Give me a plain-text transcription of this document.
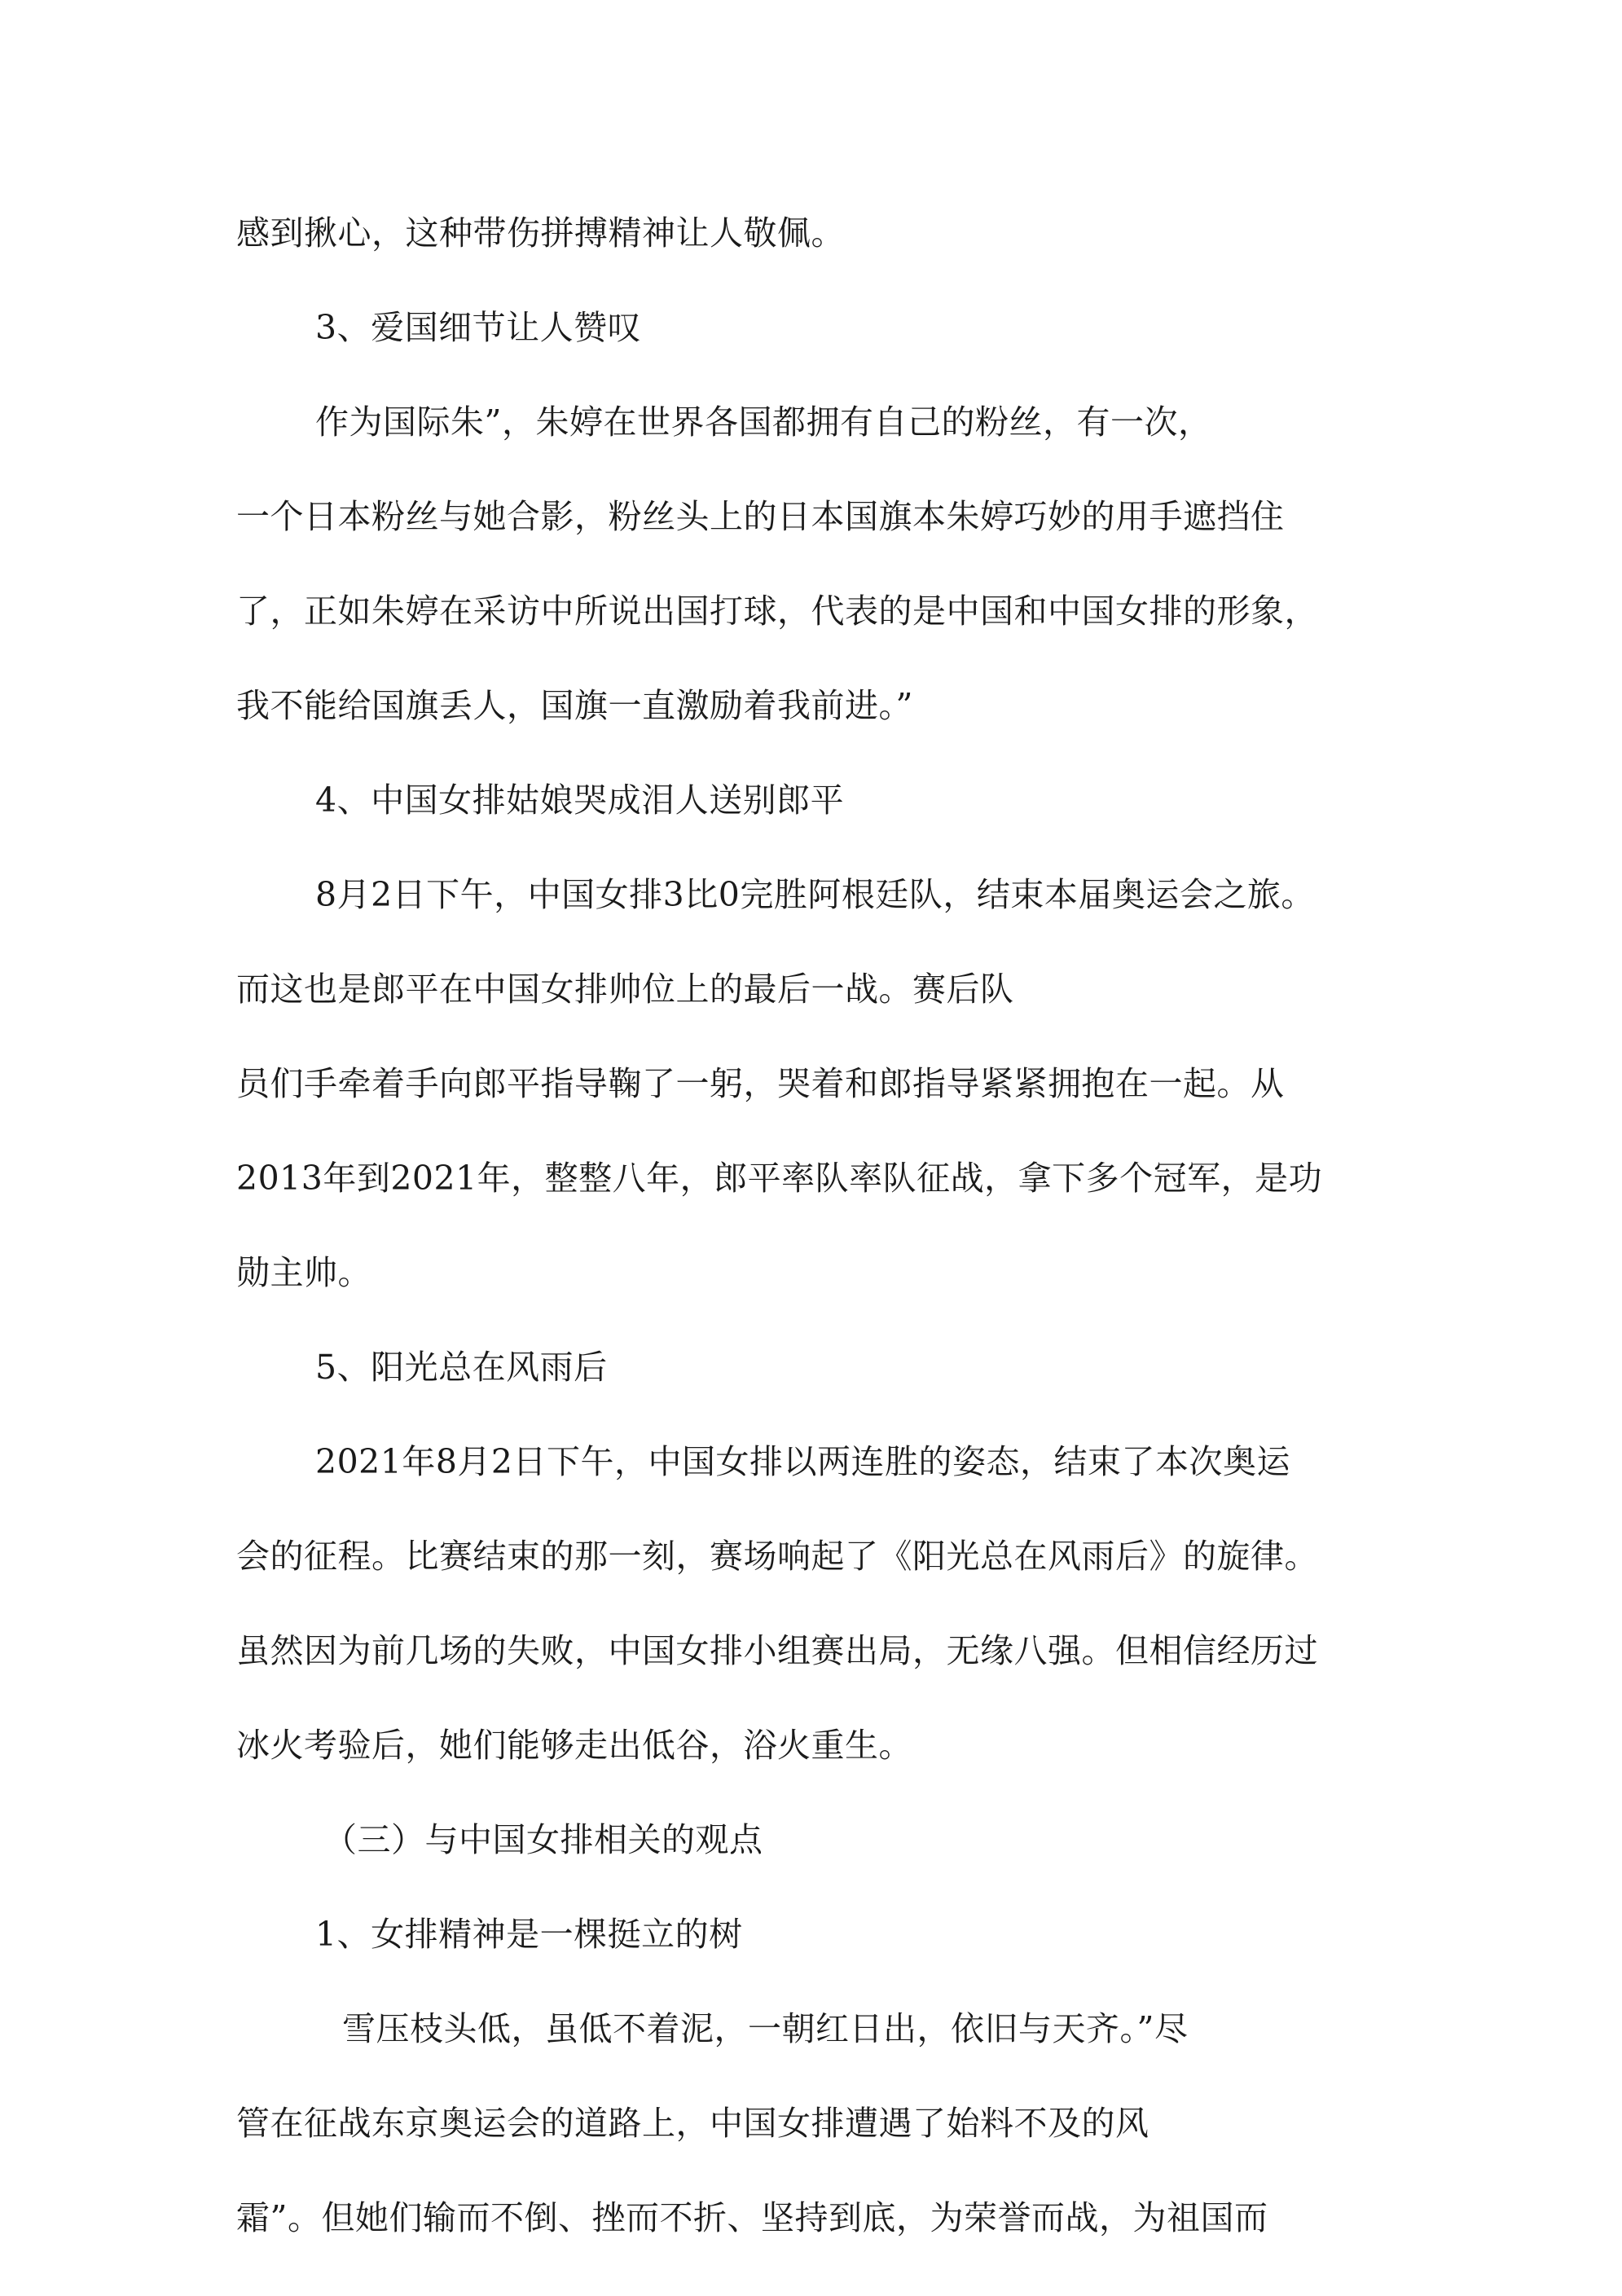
感到揪心，这种带伤拼搏精神让人敬佩。
3、爱国细节让人赞叹
作为国际朱”，朱婷在世界各国都拥有自己的粉丝，有一次，
一个日本粉丝与她合影，粉丝头上的日本国旗本朱婷巧妙的用手遮挡住
了，正如朱婷在采访中所说出国打球，代表的是中国和中国女排的形象，
我不能给国旗丢人，国旗一直激励着我前进。”
4、中国女排姑娘哭成泪人送别郎平
8月2日下午，中国女排3比0完胜阿根廷队，结束本届奥运会之旅。
而这也是郎平在中国女排帅位上的最后一战。赛后队
员们手牵着手向郎平指导鞠了一躬，哭着和郎指导紧紧拥抱在一起。从
2013年到2021年，整整八年，郎平率队率队征战，拿下多个冠军，是功
勋主帅。
5、阳光总在风雨后
2021年8月2日下午，中国女排以两连胜的姿态，结束了本次奥运
会的征程。比赛结束的那一刻，赛场响起了《阳光总在风雨后》的旋律。
虽然因为前几场的失败，中国女排小组赛出局，无缘八强。但相信经历过
冰火考验后，她们能够走出低谷，浴火重生。
（三）与中国女排相关的观点
1、女排精神是一棵挺立的树
雪压枝头低，虽低不着泥，一朝红日出，依旧与天齐。”尽
管在征战东京奥运会的道路上，中国女排遭遇了始料不及的风
霜”。但她们输而不倒、挫而不折、坚持到底，为荣誉而战，为祖国而
